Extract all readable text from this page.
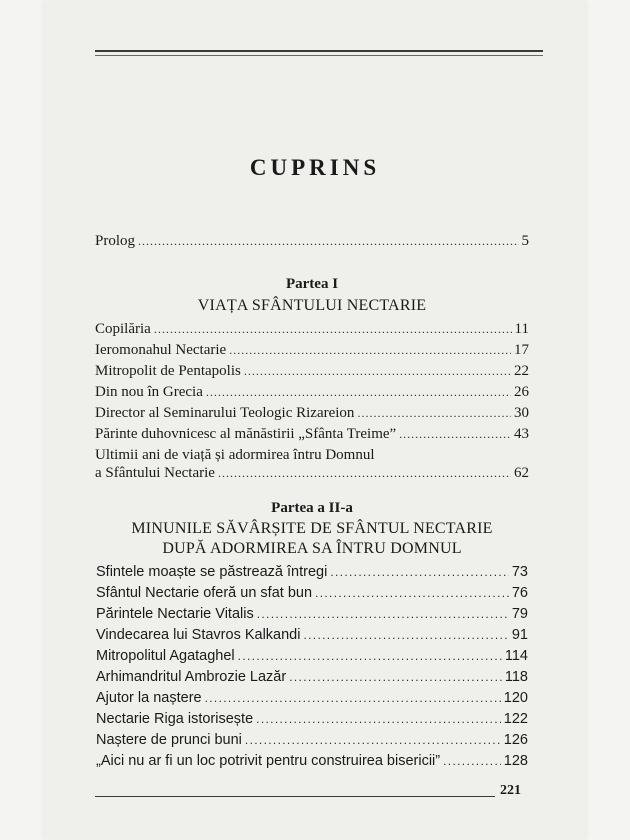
CUPRINS
Prolog . . .	5
Partea I
VIAȚA SFÂNTULUI NECTARIE
Copilăria . . .	11
Ieromonahul Nectarie . . .	17
Mitropolit de Pentapolis . . .	22
Din nou în Grecia . . .	26
Director al Seminarului Teologic Rizareion . . .	30
Părinte duhovnicesc al mănăstirii „Sfânta Treime” . . .	43
Ultimii ani de viață și adormirea întru Domnul
a Sfântului Nectarie . . .	62
Partea a II-a
MINUNILE SĂVÂRȘITE DE SFÂNTUL NECTARIE
DUPĂ ADORMIREA SA ÎNTRU DOMNUL
Sfintele moaște se păstrează întregi . . .	73
Sfântul Nectarie oferă un sfat bun . . .	76
Părintele Nectarie Vitalis . . .	79
Vindecarea lui Stavros Kalkandi . . .	91
Mitropolitul Agataghel . . .	114
Arhimandritul Ambrozie Lazăr . . .	118
Ajutor la naștere . . .	120
Nectarie Riga istorisește . . .	122
Naștere de prunci buni . . .	126
„Aici nu ar fi un loc potrivit pentru construirea bisericii” . . .	128
221
